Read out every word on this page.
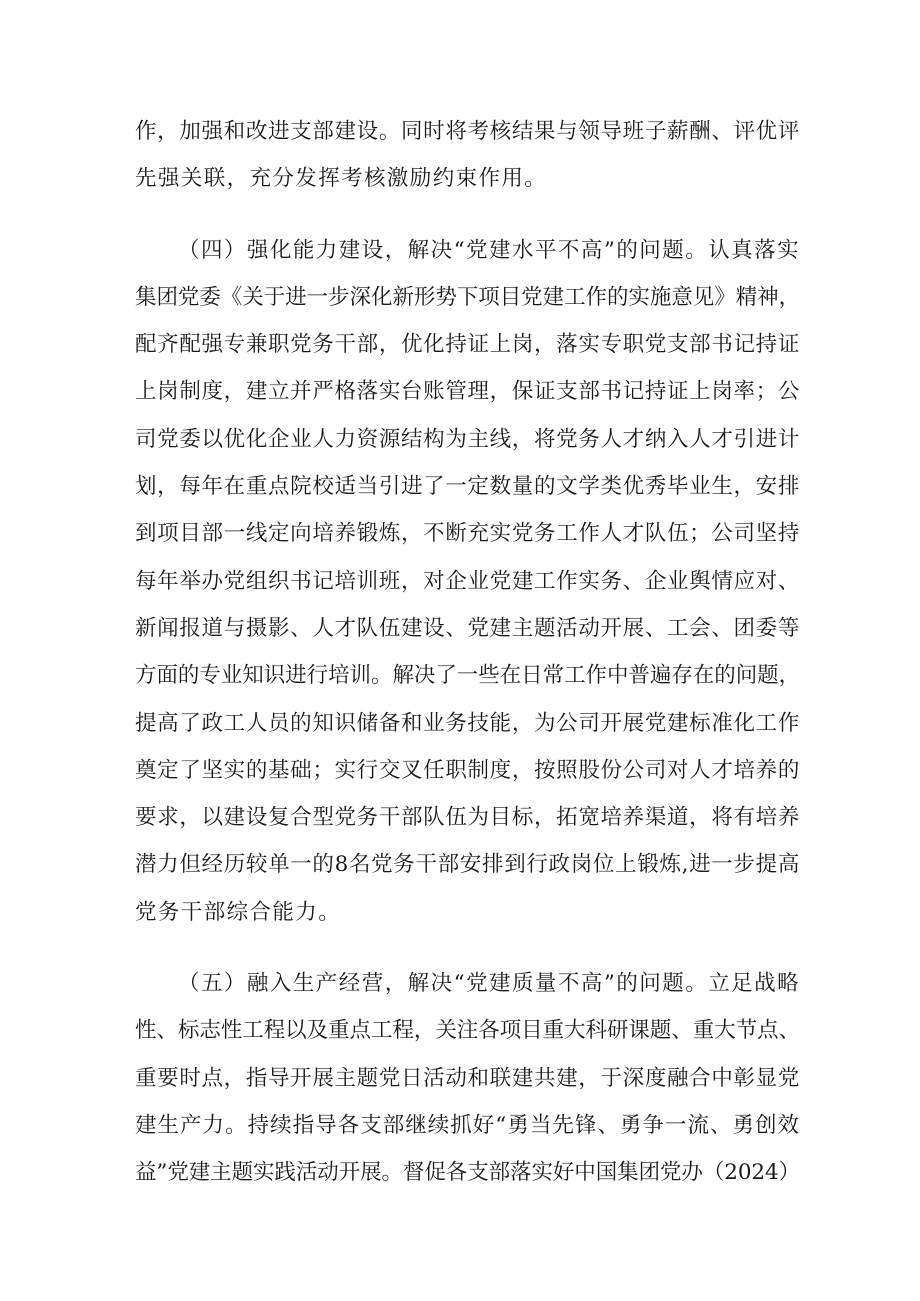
作，加强和改进支部建设。同时将考核结果与领导班子薪酬、评优评
先强关联，充分发挥考核激励约束作用。

（四）强化能力建设，解决“党建水平不高”的问题。认真落实
集团党委《关于进一步深化新形势下项目党建工作的实施意见》精神，
配齐配强专兼职党务干部，优化持证上岗，落实专职党支部书记持证
上岗制度，建立并严格落实台账管理，保证支部书记持证上岗率；公
司党委以优化企业人力资源结构为主线，将党务人才纳入人才引进计
划，每年在重点院校适当引进了一定数量的文学类优秀毕业生，安排
到项目部一线定向培养锻炼，不断充实党务工作人才队伍；公司坚持
每年举办党组织书记培训班，对企业党建工作实务、企业舆情应对、
新闻报道与摄影、人才队伍建设、党建主题活动开展、工会、团委等
方面的专业知识进行培训。解决了一些在日常工作中普遍存在的问题，
提高了政工人员的知识储备和业务技能，为公司开展党建标准化工作
奠定了坚实的基础；实行交叉任职制度，按照股份公司对人才培养的
要求，以建设复合型党务干部队伍为目标，拓宽培养渠道，将有培养
潜力但经历较单一的8名党务干部安排到行政岗位上锻炼,进一步提高
党务干部综合能力。

（五）融入生产经营，解决“党建质量不高”的问题。立足战略
性、标志性工程以及重点工程，关注各项目重大科研课题、重大节点、
重要时点，指导开展主题党日活动和联建共建，于深度融合中彰显党
建生产力。持续指导各支部继续抓好“勇当先锋、勇争一流、勇创效
益”党建主题实践活动开展。督促各支部落实好中国集团党办（2024）
